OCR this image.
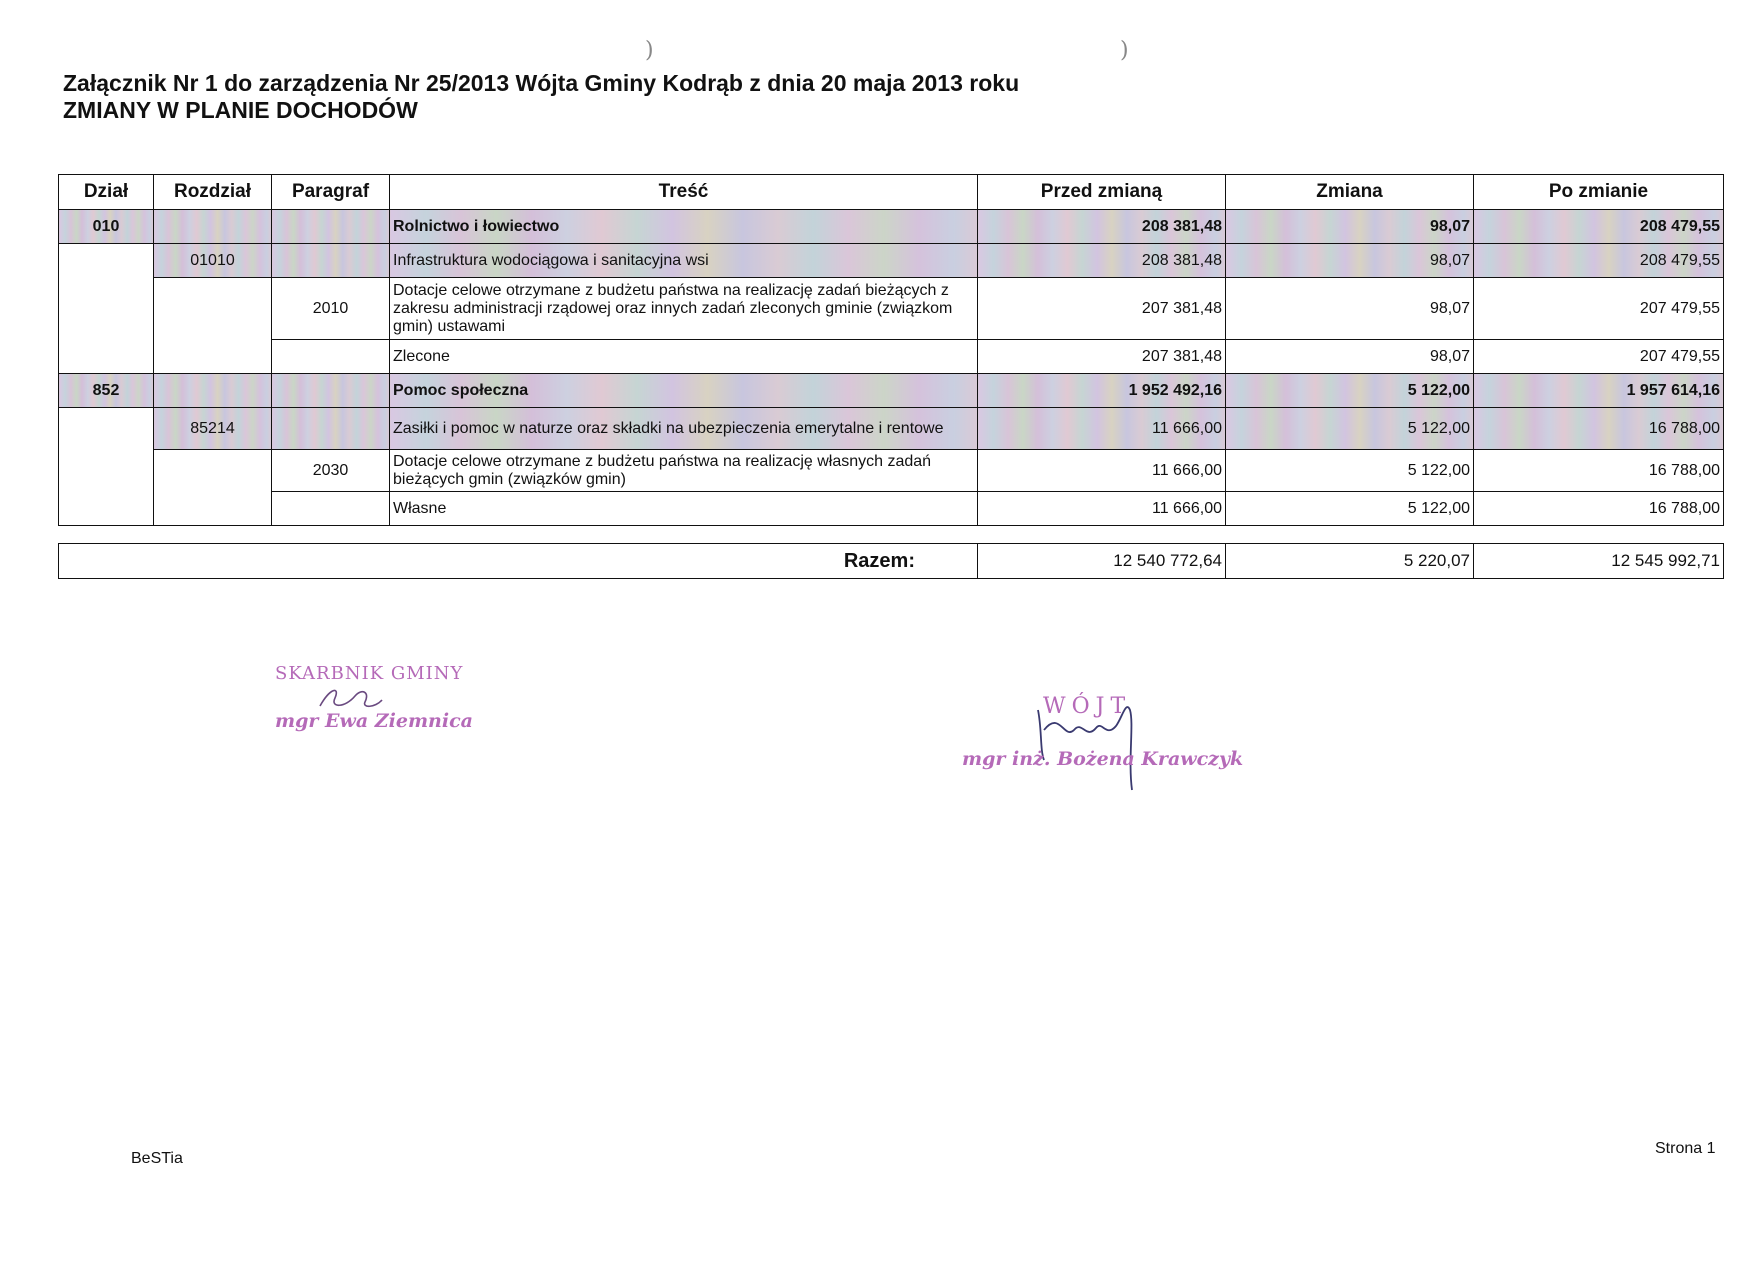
Załącznik Nr 1 do zarządzenia Nr 25/2013 Wójta Gminy Kodrąb z dnia 20 maja 2013 roku
ZMIANY W PLANIE DOCHODÓW
Dział	Rozdział	Paragraf	Treść	Przed zmianą	Zmiana	Po zmianie
010			Rolnictwo i łowiectwo	208 381,48	98,07	208 479,55
	01010		Infrastruktura wodociągowa i sanitacyjna wsi	208 381,48	98,07	208 479,55
		2010	Dotacje celowe otrzymane z budżetu państwa na realizację zadań bieżących z zakresu administracji rządowej oraz innych zadań zleconych gminie (związkom gmin) ustawami	207 381,48	98,07	207 479,55
			Zlecone	207 381,48	98,07	207 479,55
852			Pomoc społeczna	1 952 492,16	5 122,00	1 957 614,16
	85214		Zasiłki i pomoc w naturze oraz składki na ubezpieczenia emerytalne i rentowe	11 666,00	5 122,00	16 788,00
		2030	Dotacje celowe otrzymane z budżetu państwa na realizację własnych zadań bieżących gmin (związków gmin)	11 666,00	5 122,00	16 788,00
			Własne	11 666,00	5 122,00	16 788,00
Razem:	12 540 772,64	5 220,07	12 545 992,71
SKARBNIK GMINY
mgr Ewa Ziemnica
WÓJT
mgr inż. Bożena Krawczyk
BeSTia
Strona 1
)	)
